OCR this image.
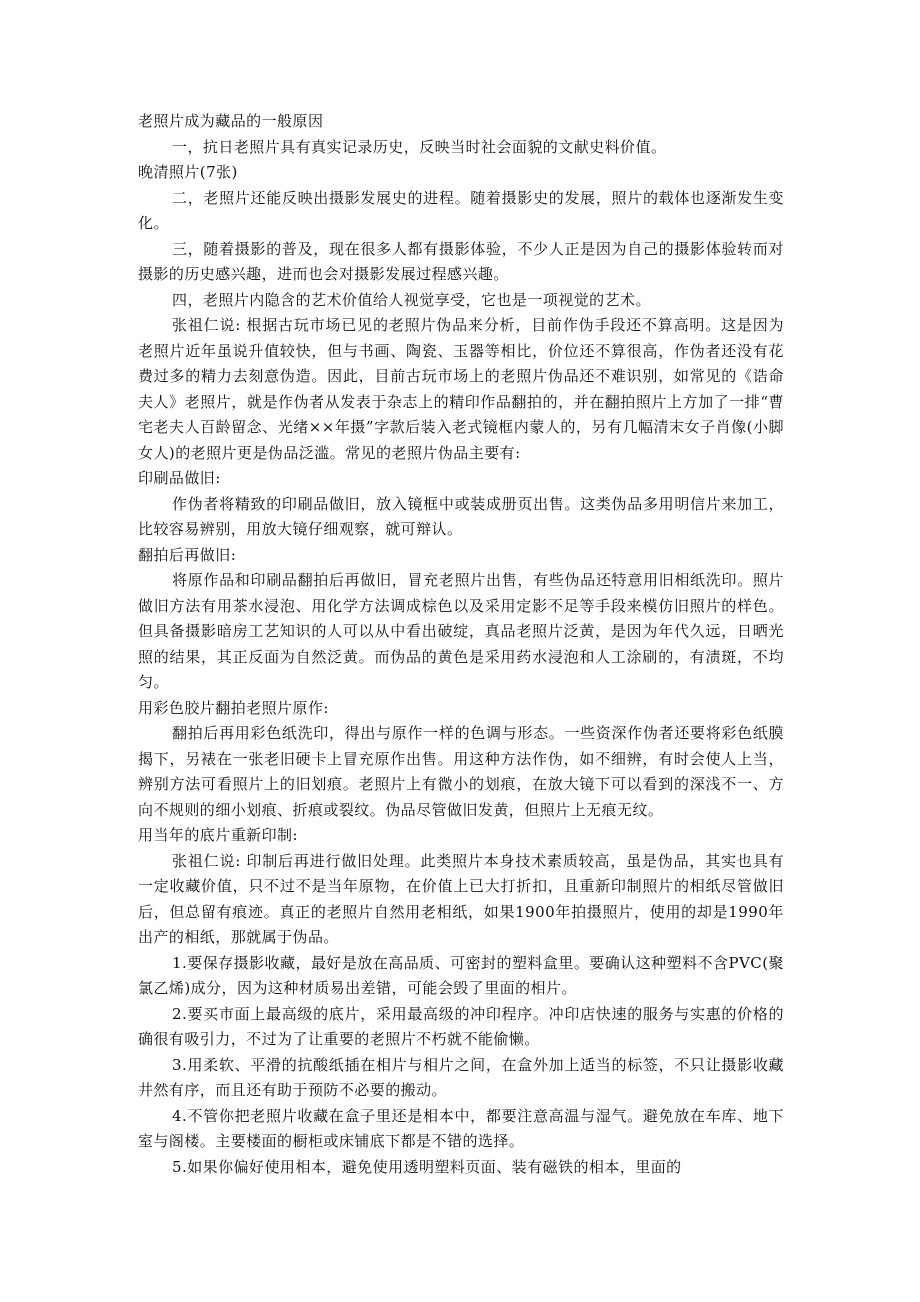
老照片成为藏品的一般原因

一，抗日老照片具有真实记录历史，反映当时社会面貌的文献史料价值。

晚清照片(7张)

二，老照片还能反映出摄影发展史的进程。随着摄影史的发展，照片的载体也逐渐发生变化。

三，随着摄影的普及，现在很多人都有摄影体验，不少人正是因为自己的摄影体验转而对摄影的历史感兴趣，进而也会对摄影发展过程感兴趣。

四，老照片内隐含的艺术价值给人视觉享受，它也是一项视觉的艺术。

张祖仁说: 根据古玩市场已见的老照片伪品来分析，目前作伪手段还不算高明。这是因为老照片近年虽说升值较快，但与书画、陶瓷、玉器等相比，价位还不算很高，作伪者还没有花费过多的精力去刻意伪造。因此，目前古玩市场上的老照片伪品还不难识别，如常见的《诰命夫人》老照片，就是作伪者从发表于杂志上的精印作品翻拍的，并在翻拍照片上方加了一排“曹宅老夫人百龄留念、光绪××年摄”字款后装入老式镜框内蒙人的，另有几幅清末女子肖像(小脚女人)的老照片更是伪品泛滥。常见的老照片伪品主要有:

印刷品做旧:

作伪者将精致的印刷品做旧，放入镜框中或装成册页出售。这类伪品多用明信片来加工，比较容易辨别，用放大镜仔细观察，就可辩认。

翻拍后再做旧:

将原作品和印刷品翻拍后再做旧，冒充老照片出售，有些伪品还特意用旧相纸洗印。照片做旧方法有用茶水浸泡、用化学方法调成棕色以及采用定影不足等手段来模仿旧照片的样色。但具备摄影暗房工艺知识的人可以从中看出破绽，真品老照片泛黄，是因为年代久远，日晒光照的结果，其正反面为自然泛黄。而伪品的黄色是采用药水浸泡和人工涂刷的，有渍斑，不均匀。

用彩色胶片翻拍老照片原作:

翻拍后再用彩色纸洗印，得出与原作一样的色调与形态。一些资深作伪者还要将彩色纸膜揭下，另裱在一张老旧硬卡上冒充原作出售。用这种方法作伪，如不细辨，有时会使人上当，辨别方法可看照片上的旧划痕。老照片上有微小的划痕，在放大镜下可以看到的深浅不一、方向不规则的细小划痕、折痕或裂纹。伪品尽管做旧发黄，但照片上无痕无纹。

用当年的底片重新印制:

张祖仁说: 印制后再进行做旧处理。此类照片本身技术素质较高，虽是伪品，其实也具有一定收藏价值，只不过不是当年原物，在价值上已大打折扣，且重新印制照片的相纸尽管做旧后，但总留有痕迹。真正的老照片自然用老相纸，如果1900年拍摄照片，使用的却是1990年出产的相纸，那就属于伪品。

1.要保存摄影收藏，最好是放在高品质、可密封的塑料盒里。要确认这种塑料不含PVC(聚氯乙烯)成分，因为这种材质易出差错，可能会毁了里面的相片。

2.要买市面上最高级的底片，采用最高级的冲印程序。冲印店快速的服务与实惠的价格的确很有吸引力，不过为了让重要的老照片不朽就不能偷懒。

3.用柔软、平滑的抗酸纸插在相片与相片之间，在盒外加上适当的标签，不只让摄影收藏井然有序，而且还有助于预防不必要的搬动。

4.不管你把老照片收藏在盒子里还是相本中，都要注意高温与湿气。避免放在车库、地下室与阁楼。主要楼面的橱柜或床铺底下都是不错的选择。

5.如果你偏好使用相本，避免使用透明塑料页面、装有磁铁的相本，里面的
